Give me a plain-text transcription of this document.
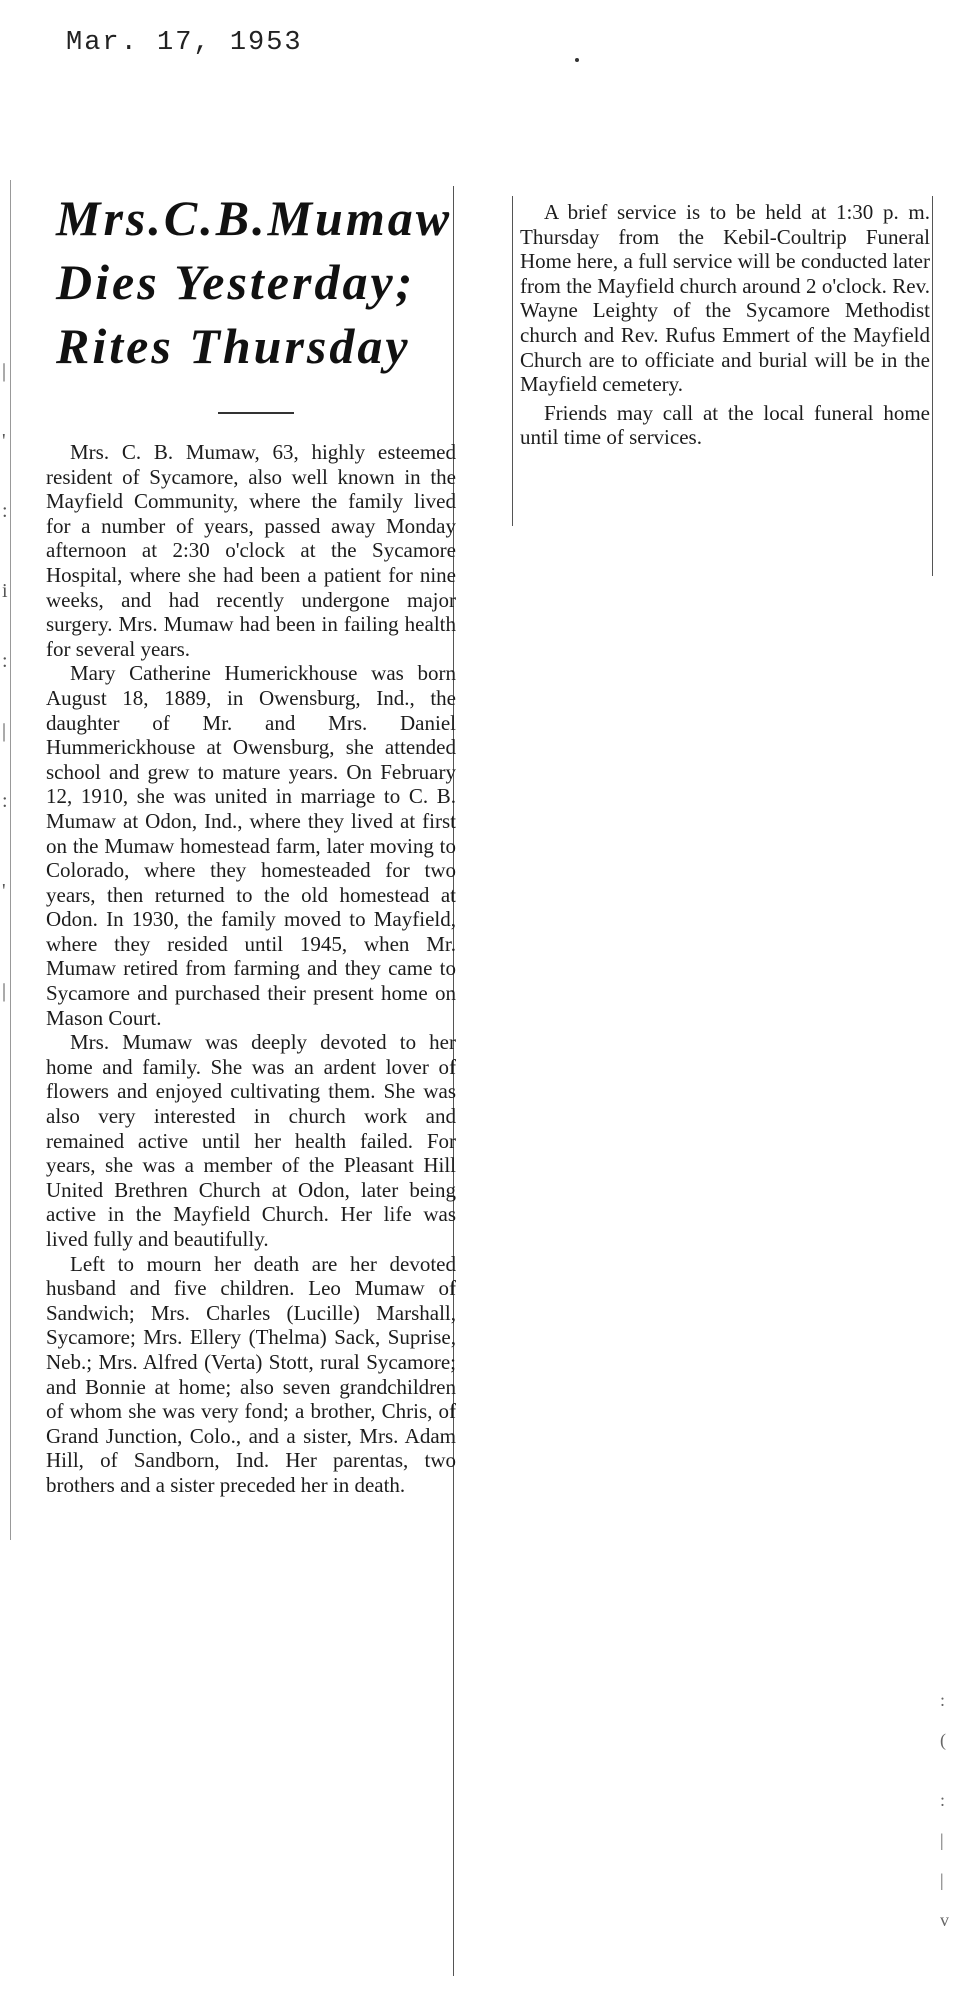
Mar. 17, 1953
|
'
:
i
:
|
:
'
|
Mrs.C.B.Mumaw
Dies Yesterday;
Rites Thursday

Mrs. C. B. Mumaw, 63, highly esteemed resident of Sycamore, also well known in the Mayfield Community, where the family lived for a number of years, passed away Monday afternoon at 2:30 o'clock at the Sycamore Hospital, where she had been a patient for nine weeks, and had recently undergone major surgery. Mrs. Mumaw had been in failing health for several years.

Mary Catherine Humerickhouse was born August 18, 1889, in Owensburg, Ind., the daughter of Mr. and Mrs. Daniel Hummerickhouse at Owensburg, she attended school and grew to mature years. On February 12, 1910, she was united in marriage to C. B. Mumaw at Odon, Ind., where they lived at first on the Mumaw homestead farm, later moving to Colorado, where they homesteaded for two years, then returned to the old homestead at Odon. In 1930, the family moved to Mayfield, where they resided until 1945, when Mr. Mumaw retired from farming and they came to Sycamore and purchased their present home on Mason Court.

Mrs. Mumaw was deeply devoted to her home and family. She was an ardent lover of flowers and enjoyed cultivating them. She was also very interested in church work and remained active until her health failed. For years, she was a member of the Pleasant Hill United Brethren Church at Odon, later being active in the Mayfield Church. Her life was lived fully and beautifully.

Left to mourn her death are her devoted husband and five children. Leo Mumaw of Sandwich; Mrs. Charles (Lucille) Marshall, Sycamore; Mrs. Ellery (Thelma) Sack, Suprise, Neb.; Mrs. Alfred (Verta) Stott, rural Sycamore; and Bonnie at home; also seven grandchildren of whom she was very fond; a brother, Chris, of Grand Junction, Colo., and a sister, Mrs. Adam Hill, of Sandborn, Ind. Her parentas, two brothers and a sister preceded her in death.

A brief service is to be held at 1:30 p. m. Thursday from the Kebil-Coultrip Funeral Home here, a full service will be conducted later from the Mayfield church around 2 o'clock. Rev. Wayne Leighty of the Sycamore Methodist church and Rev. Rufus Emmert of the Mayfield Church are to officiate and burial will be in the Mayfield cemetery.

Friends may call at the local funeral home until time of services.

:
(
:
|
|
v
